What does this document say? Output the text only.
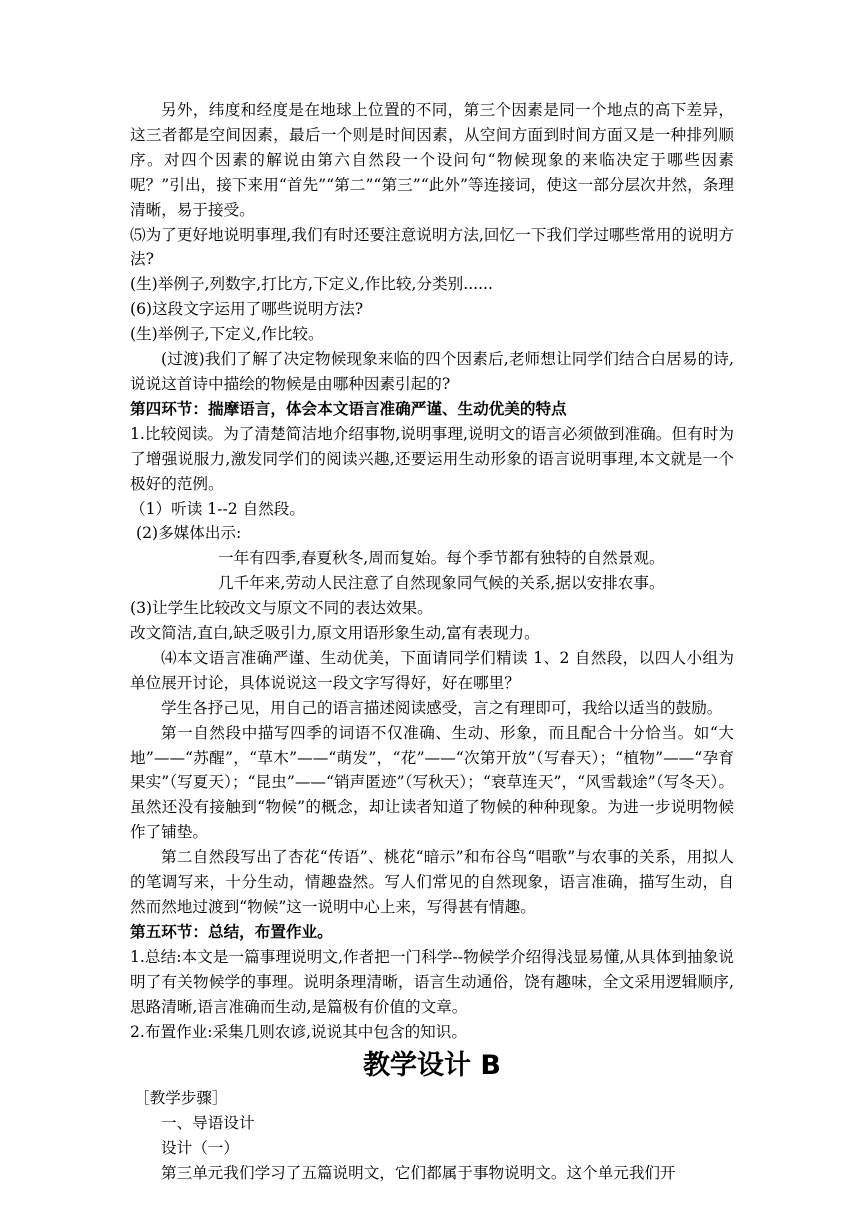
另外，纬度和经度是在地球上位置的不同，第三个因素是同一个地点的高下差异，这三者都是空间因素，最后一个则是时间因素，从空间方面到时间方面又是一种排列顺序。对四个因素的解说由第六自然段一个设问句“物候现象的来临决定于哪些因素呢？”引出，接下来用“首先”“第二”“第三”“此外”等连接词，使这一部分层次井然，条理清晰，易于接受。

⑸为了更好地说明事理,我们有时还要注意说明方法,回忆一下我们学过哪些常用的说明方法?

(生)举例子,列数字,打比方,下定义,作比较,分类别......

(6)这段文字运用了哪些说明方法?

(生)举例子,下定义,作比较。

(过渡)我们了解了决定物候现象来临的四个因素后,老师想让同学们结合白居易的诗,说说这首诗中描绘的物候是由哪种因素引起的?

第四环节：揣摩语言，体会本文语言准确严谨、生动优美的特点

1.比较阅读。为了清楚简洁地介绍事物,说明事理,说明文的语言必须做到准确。但有时为了增强说服力,激发同学们的阅读兴趣,还要运用生动形象的语言说明事理,本文就是一个极好的范例。

（1）听读 1--2 自然段。

(2)多媒体出示:

一年有四季,春夏秋冬,周而复始。每个季节都有独特的自然景观。

几千年来,劳动人民注意了自然现象同气候的关系,据以安排农事。

(3)让学生比较改文与原文不同的表达效果。

改文简洁,直白,缺乏吸引力,原文用语形象生动,富有表现力。

⑷本文语言准确严谨、生动优美，下面请同学们精读 1、2 自然段，以四人小组为单位展开讨论，具体说说这一段文字写得好，好在哪里？

学生各抒己见，用自己的语言描述阅读感受，言之有理即可，我给以适当的鼓励。

第一自然段中描写四季的词语不仅准确、生动、形象，而且配合十分恰当。如“大地”——“苏醒”，“草木”——“萌发”，“花”——“次第开放”（写春天）；“植物”——“孕育果实”（写夏天）；“昆虫”——“销声匿迹”（写秋天）；“衰草连天”，“风雪载途”（写冬天）。虽然还没有接触到“物候”的概念，却让读者知道了物候的种种现象。为进一步说明物候作了铺垫。

第二自然段写出了杏花“传语”、桃花“暗示”和布谷鸟“唱歌”与农事的关系，用拟人的笔调写来，十分生动，情趣盎然。写人们常见的自然现象，语言准确，描写生动，自然而然地过渡到“物候”这一说明中心上来，写得甚有情趣。

第五环节：总结，布置作业。

1.总结:本文是一篇事理说明文,作者把一门科学--物候学介绍得浅显易懂,从具体到抽象说明了有关物候学的事理。说明条理清晰，语言生动通俗，饶有趣味，全文采用逻辑顺序,思路清晰,语言准确而生动,是篇极有价值的文章。

2.布置作业:采集几则农谚,说说其中包含的知识。

教学设计 B

［教学步骤］

一、导语设计

设计（一）

第三单元我们学习了五篇说明文，它们都属于事物说明文。这个单元我们开
